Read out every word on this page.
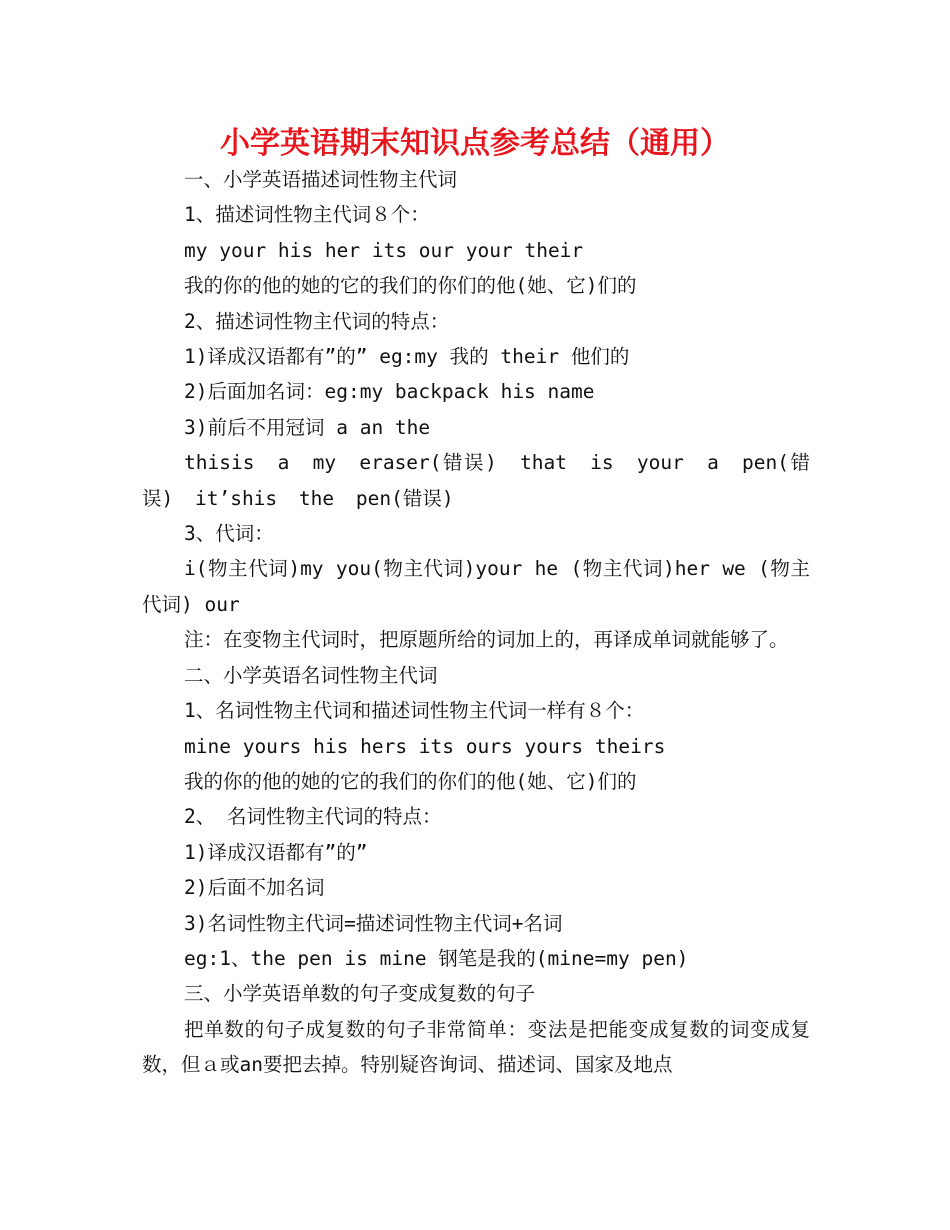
小学英语期末知识点参考总结（通用）

一、小学英语描述词性物主代词

1、描述词性物主代词８个：

my your his her its our your their

我的你的他的她的它的我们的你们的他(她、它)们的

2、描述词性物主代词的特点：

1)译成汉语都有”的” eg:my 我的 their 他们的

2)后面加名词：eg:my backpack his name

3)前后不用冠词 a an the

thisis a my eraser(错误) that is your a pen(错误) it’shis the pen(错误)

3、代词：

i(物主代词)my you(物主代词)your he (物主代词)her we (物主代词) our

注：在变物主代词时，把原题所给的词加上的，再译成单词就能够了。

二、小学英语名词性物主代词

1、名词性物主代词和描述词性物主代词一样有８个：

mine yours his hers its ours yours theirs

我的你的他的她的它的我们的你们的他(她、它)们的

2、 名词性物主代词的特点：

1)译成汉语都有”的”

2)后面不加名词

3)名词性物主代词=描述词性物主代词+名词

eg:1、the pen is mine 钢笔是我的(mine=my pen)

三、小学英语单数的句子变成复数的句子

把单数的句子成复数的句子非常简单：变法是把能变成复数的词变成复数，但ａ或an要把去掉。特别疑咨询词、描述词、国家及地点
